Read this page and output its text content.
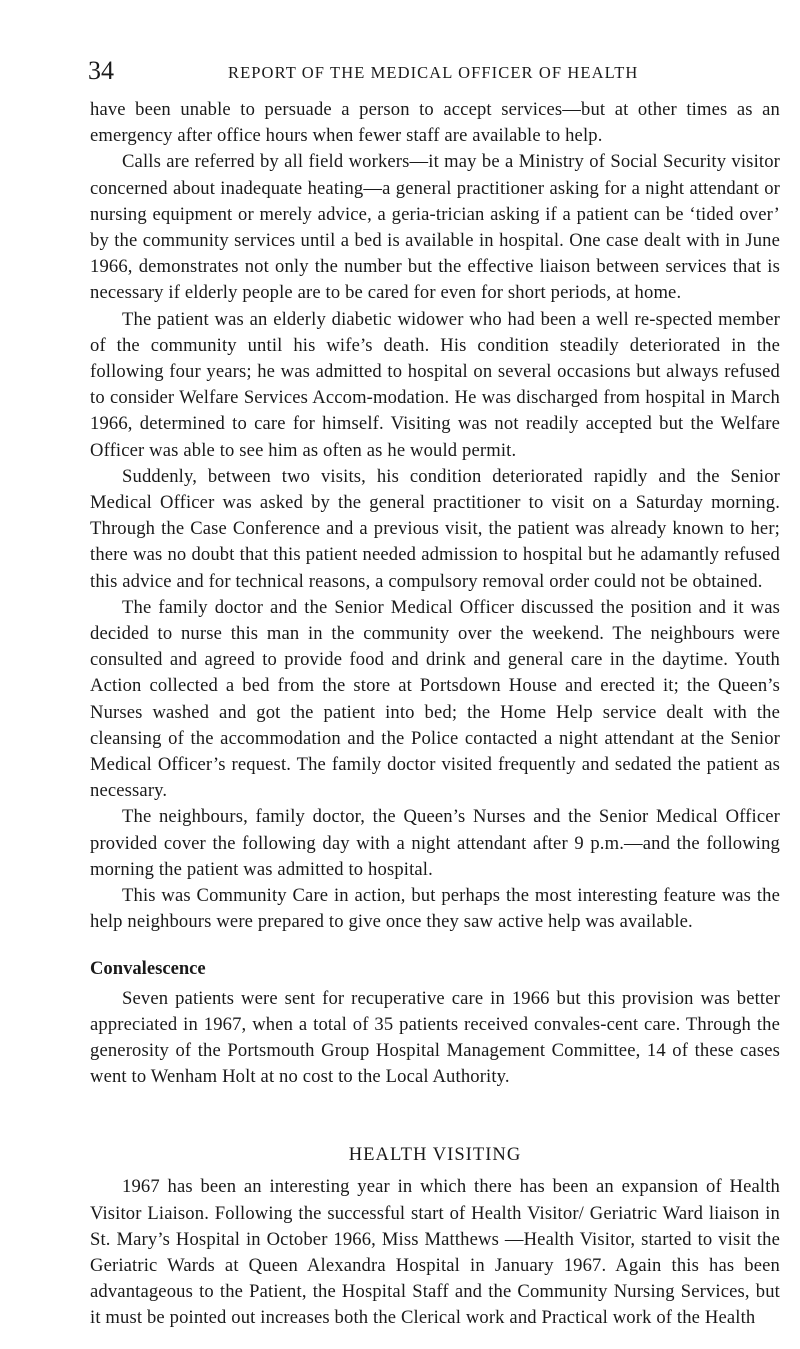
34	REPORT OF THE MEDICAL OFFICER OF HEALTH

have been unable to persuade a person to accept services—but at other times as an emergency after office hours when fewer staff are available to help.

Calls are referred by all field workers—it may be a Ministry of Social Security visitor concerned about inadequate heating—a general practitioner asking for a night attendant or nursing equipment or merely advice, a geria-trician asking if a patient can be ‘tided over’ by the community services until a bed is available in hospital. One case dealt with in June 1966, demonstrates not only the number but the effective liaison between services that is necessary if elderly people are to be cared for even for short periods, at home.

The patient was an elderly diabetic widower who had been a well re-spected member of the community until his wife’s death. His condition steadily deteriorated in the following four years; he was admitted to hospital on several occasions but always refused to consider Welfare Services Accom-modation. He was discharged from hospital in March 1966, determined to care for himself. Visiting was not readily accepted but the Welfare Officer was able to see him as often as he would permit.

Suddenly, between two visits, his condition deteriorated rapidly and the Senior Medical Officer was asked by the general practitioner to visit on a Saturday morning. Through the Case Conference and a previous visit, the patient was already known to her; there was no doubt that this patient needed admission to hospital but he adamantly refused this advice and for technical reasons, a compulsory removal order could not be obtained.

The family doctor and the Senior Medical Officer discussed the position and it was decided to nurse this man in the community over the weekend. The neighbours were consulted and agreed to provide food and drink and general care in the daytime. Youth Action collected a bed from the store at Portsdown House and erected it; the Queen’s Nurses washed and got the patient into bed; the Home Help service dealt with the cleansing of the accommodation and the Police contacted a night attendant at the Senior Medical Officer’s request. The family doctor visited frequently and sedated the patient as necessary.

The neighbours, family doctor, the Queen’s Nurses and the Senior Medical Officer provided cover the following day with a night attendant after 9 p.m.—and the following morning the patient was admitted to hospital.

This was Community Care in action, but perhaps the most interesting feature was the help neighbours were prepared to give once they saw active help was available.

Convalescence

Seven patients were sent for recuperative care in 1966 but this provision was better appreciated in 1967, when a total of 35 patients received convales-cent care. Through the generosity of the Portsmouth Group Hospital Management Committee, 14 of these cases went to Wenham Holt at no cost to the Local Authority.

HEALTH VISITING

1967 has been an interesting year in which there has been an expansion of Health Visitor Liaison. Following the successful start of Health Visitor/ Geriatric Ward liaison in St. Mary’s Hospital in October 1966, Miss Matthews —Health Visitor, started to visit the Geriatric Wards at Queen Alexandra Hospital in January 1967. Again this has been advantageous to the Patient, the Hospital Staff and the Community Nursing Services, but it must be pointed out increases both the Clerical work and Practical work of the Health
